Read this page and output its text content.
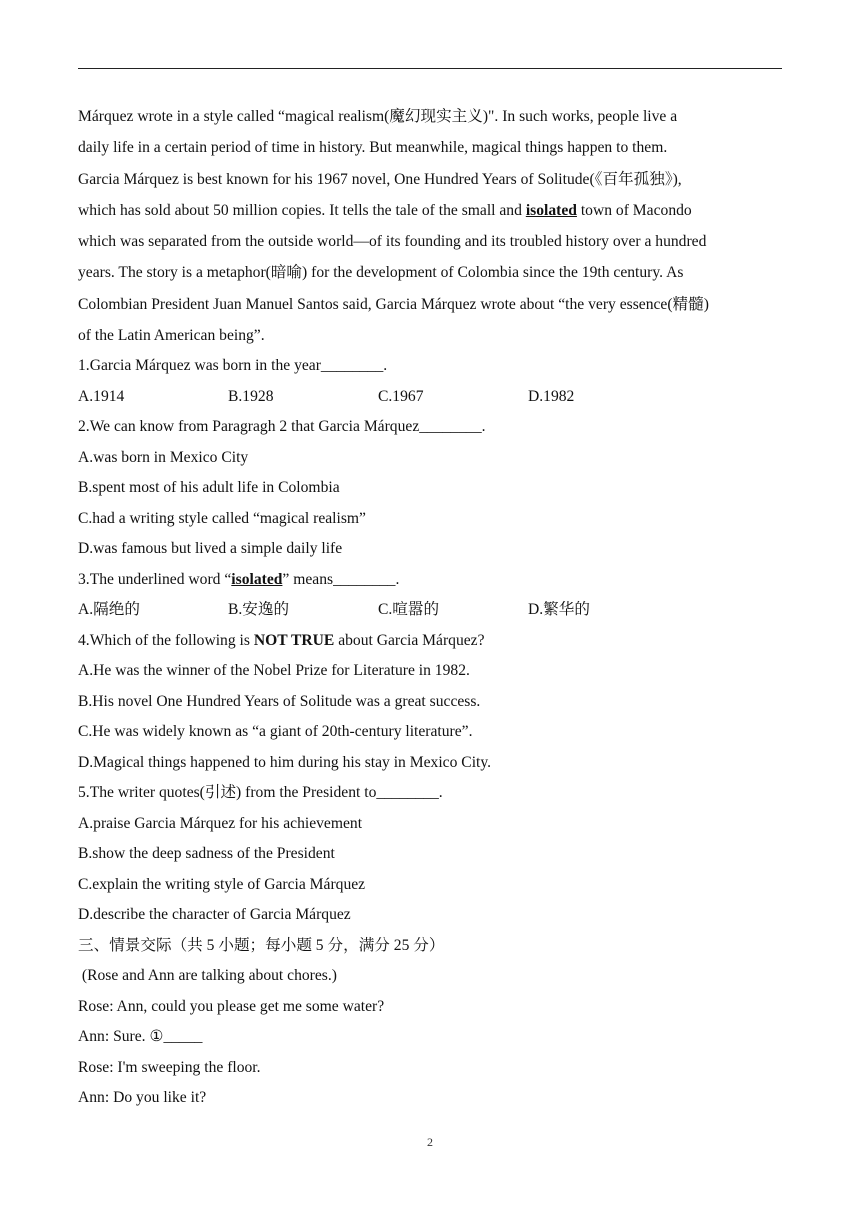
Márquez wrote in a style called “magical realism(魔幻现实主义)". In such works, people live a
daily life in a certain period of time in history. But meanwhile, magical things happen to them.
Garcia Márquez is best known for his 1967 novel, One Hundred Years of Solitude(《百年孤独》),
which has sold about 50 million copies. It tells the tale of the small and isolated town of Macondo
which was separated from the outside world—of its founding and its troubled history over a hundred
years. The story is a metaphor(暗喻) for the development of Colombia since the 19th century. As
Colombian President Juan Manuel Santos said, Garcia Márquez wrote about “the very essence(精髓)
of the Latin American being”.
1.Garcia Márquez was born in the year________.
A.1914	B.1928	C.1967	D.1982
2.We can know from Paragragh 2 that Garcia Márquez________.
A.was born in Mexico City
B.spent most of his adult life in Colombia
C.had a writing style called “magical realism”
D.was famous but lived a simple daily life
3.The underlined word “isolated” means________.
A.隔绝的	B.安逸的	C.喧嚣的	D.繁华的
4.Which of the following is NOT TRUE about Garcia Márquez?
A.He was the winner of the Nobel Prize for Literature in 1982.
B.His novel One Hundred Years of Solitude was a great success.
C.He was widely known as “a giant of 20th-century literature”.
D.Magical things happened to him during his stay in Mexico City.
5.The writer quotes(引述) from the President to________.
A.praise Garcia Márquez for his achievement
B.show the deep sadness of the President
C.explain the writing style of Garcia Márquez
D.describe the character of Garcia Márquez
三、情景交际（共 5 小题；每小题 5 分，满分 25 分）
(Rose and Ann are talking about chores.)
Rose: Ann, could you please get me some water?
Ann: Sure. ①_____
Rose: I'm sweeping the floor.
Ann: Do you like it?
2
